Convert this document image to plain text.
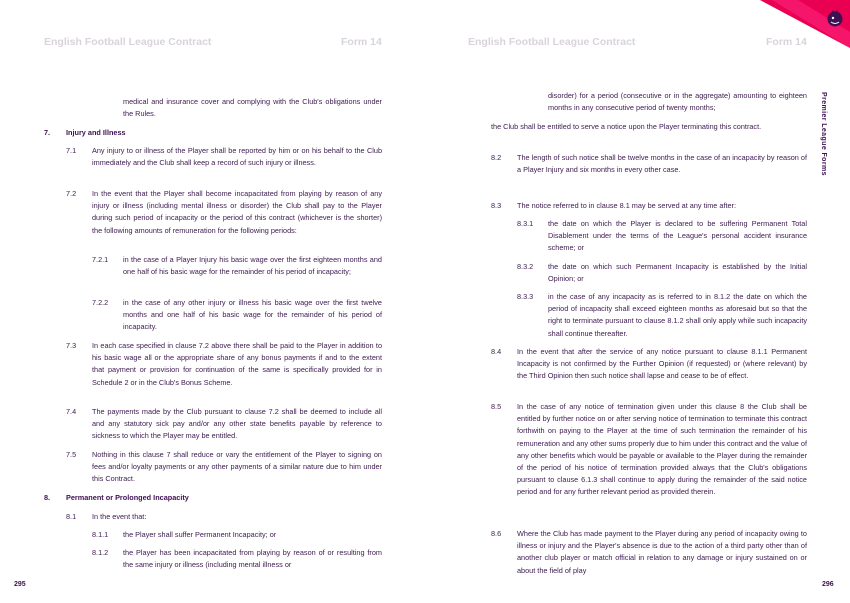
English Football League Contract	Form 14

medical and insurance cover and complying with the Club's obligations under the Rules.

7. Injury and Illness

7.1 Any injury to or illness of the Player shall be reported by him or on his behalf to the Club immediately and the Club shall keep a record of such injury or illness.

7.2 In the event that the Player shall become incapacitated from playing by reason of any injury or illness (including mental illness or disorder) the Club shall pay to the Player during such period of incapacity or the period of this contract (whichever is the shorter) the following amounts of remuneration for the following periods:

7.2.1 in the case of a Player Injury his basic wage over the first eighteen months and one half of his basic wage for the remainder of his period of incapacity;

7.2.2 in the case of any other injury or illness his basic wage over the first twelve months and one half of his basic wage for the remainder of his period of incapacity.

7.3 In each case specified in clause 7.2 above there shall be paid to the Player in addition to his basic wage all or the appropriate share of any bonus payments if and to the extent that payment or provision for continuation of the same is specifically provided for in Schedule 2 or in the Club's Bonus Scheme.

7.4 The payments made by the Club pursuant to clause 7.2 shall be deemed to include all and any statutory sick pay and/or any other state benefits payable by reference to sickness to which the Player may be entitled.

7.5 Nothing in this clause 7 shall reduce or vary the entitlement of the Player to signing on fees and/or loyalty payments or any other payments of a similar nature due to him under this Contract.

8. Permanent or Prolonged Incapacity

8.1 In the event that:

8.1.1 the Player shall suffer Permanent Incapacity; or

8.1.2 the Player has been incapacitated from playing by reason of or resulting from the same injury or illness (including mental illness or

295
English Football League Contract	Form 14

disorder) for a period (consecutive or in the aggregate) amounting to eighteen months in any consecutive period of twenty months;

the Club shall be entitled to serve a notice upon the Player terminating this contract.

8.2 The length of such notice shall be twelve months in the case of an incapacity by reason of a Player Injury and six months in every other case.

8.3 The notice referred to in clause 8.1 may be served at any time after:

8.3.1 the date on which the Player is declared to be suffering Permanent Total Disablement under the terms of the League's personal accident insurance scheme; or

8.3.2 the date on which such Permanent Incapacity is established by the Initial Opinion; or

8.3.3 in the case of any incapacity as is referred to in 8.1.2 the date on which the period of incapacity shall exceed eighteen months as aforesaid but so that the right to terminate pursuant to clause 8.1.2 shall only apply while such incapacity shall continue thereafter.

8.4 In the event that after the service of any notice pursuant to clause 8.1.1 Permanent Incapacity is not confirmed by the Further Opinion (if requested) or (where relevant) by the Third Opinion then such notice shall lapse and cease to be of effect.

8.5 In the case of any notice of termination given under this clause 8 the Club shall be entitled by further notice on or after serving notice of termination to terminate this contract forthwith on paying to the Player at the time of such termination the remainder of his remuneration and any other sums properly due to him under this contract and the value of any other benefits which would be payable or available to the Player during the remainder of the period of his notice of termination provided always that the Club's obligations pursuant to clause 6.1.3 shall continue to apply during the remainder of the said notice period and for any further relevant period as provided therein.

8.6 Where the Club has made payment to the Player during any period of incapacity owing to illness or injury and the Player's absence is due to the action of a third party other than of another club player or match official in relation to any damage or injury sustained on or about the field of play

296
Premier League Forms
